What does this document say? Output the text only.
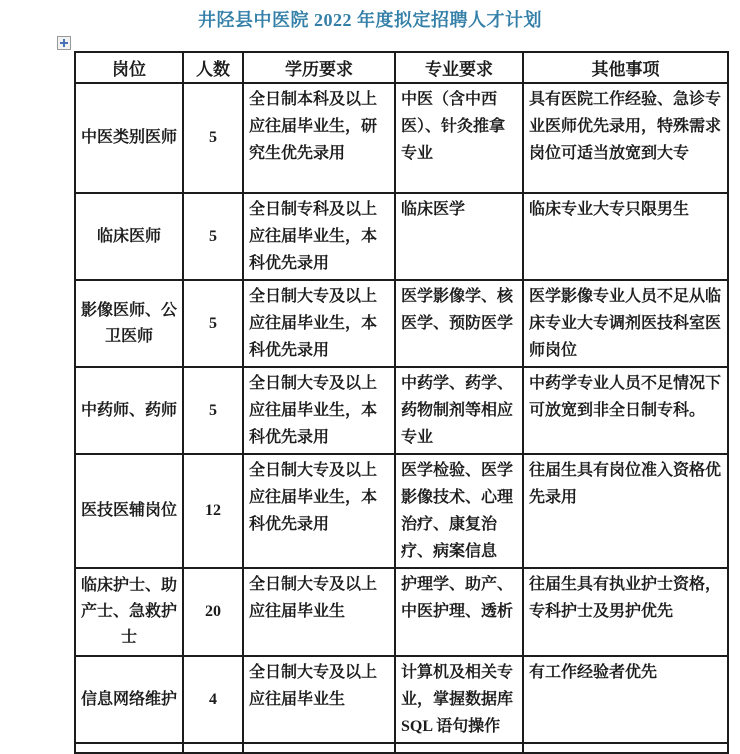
井陉县中医院 2022 年度拟定招聘人才计划
岗位	人数	学历要求	专业要求	其他事项
中医类别医师	5	全日制本科及以上应往届毕业生，研究生优先录用	中医（含中西医）、针灸推拿专业	具有医院工作经验、急诊专业医师优先录用，特殊需求岗位可适当放宽到大专
临床医师	5	全日制专科及以上应往届毕业生，本科优先录用	临床医学	临床专业大专只限男生
影像医师、公卫医师	5	全日制大专及以上应往届毕业生，本科优先录用	医学影像学、核医学、预防医学	医学影像专业人员不足从临床专业大专调剂医技科室医师岗位
中药师、药师	5	全日制大专及以上应往届毕业生，本科优先录用	中药学、药学、药物制剂等相应专业	中药学专业人员不足情况下可放宽到非全日制专科。
医技医辅岗位	12	全日制大专及以上应往届毕业生，本科优先录用	医学检验、医学影像技术、心理治疗、康复治疗、病案信息	往届生具有岗位准入资格优先录用
临床护士、助产士、急救护士	20	全日制大专及以上应往届毕业生	护理学、助产、中医护理、透析	往届生具有执业护士资格，专科护士及男护优先
信息网络维护	4	全日制大专及以上应往届毕业生	计算机及相关专业，掌握数据库 SQL 语句操作	有工作经验者优先
